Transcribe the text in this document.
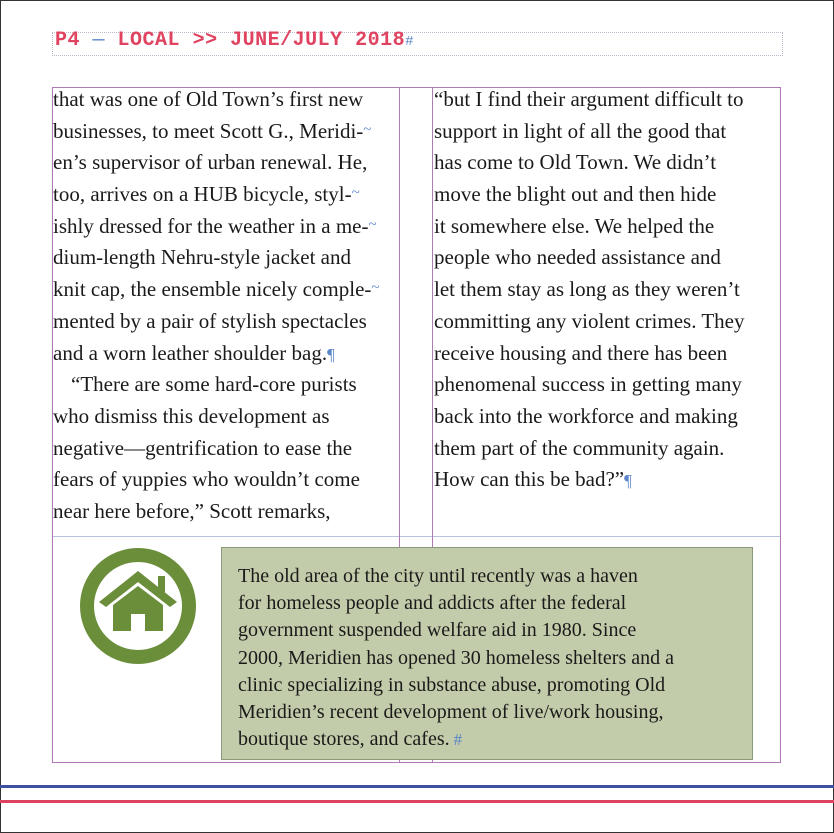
P4 — LOCAL >> JUNE/JULY 2018#
that was one of Old Town’s first new
businesses, to meet Scott G., Meridi-~
en’s supervisor of urban renewal. He,
too, arrives on a HUB bicycle, styl-~
ishly dressed for the weather in a me-~
dium-length Nehru-style jacket and
knit cap, the ensemble nicely comple-~
mented by a pair of stylish spectacles
and a worn leather shoulder bag.¶
“There are some hard-core purists
who dismiss this development as
negative—gentrification to ease the
fears of yuppies who wouldn’t come
near here before,” Scott remarks,
“but I find their argument difficult to
support in light of all the good that
has come to Old Town. We didn’t
move the blight out and then hide
it somewhere else. We helped the
people who needed assistance and
let them stay as long as they weren’t
committing any violent crimes. They
receive housing and there has been
phenomenal success in getting many
back into the workforce and making
them part of the community again.
How can this be bad?”¶
The old area of the city until recently was a haven
for homeless people and addicts after the federal
government suspended welfare aid in 1980. Since
2000, Meridien has opened 30 homeless shelters and a
clinic specializing in substance abuse, promoting Old
Meridien’s recent development of live/work housing,
boutique stores, and cafes. #
